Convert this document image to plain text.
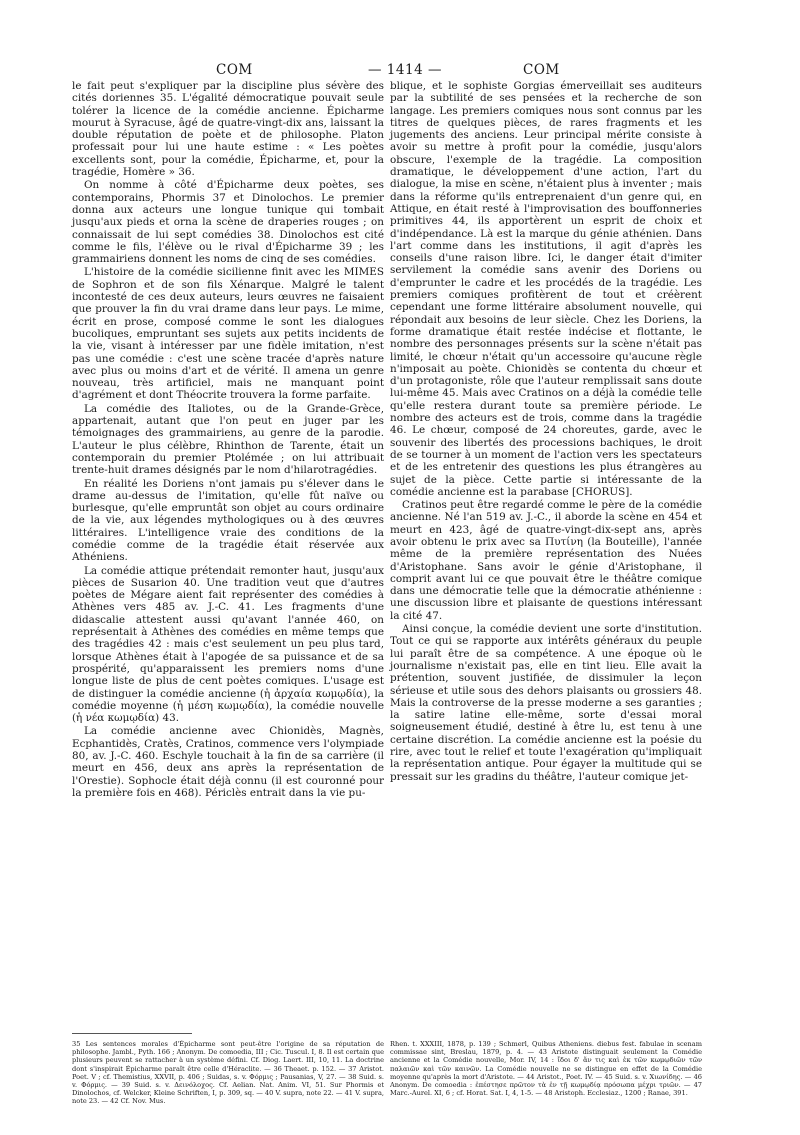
COM	— 1414 —	COM

le fait peut s'expliquer par la discipline plus sévère des cités doriennes 35. L'égalité démocratique pouvait seule tolérer la licence de la comédie ancienne. Épicharme mourut à Syracuse, âgé de quatre-vingt-dix ans, laissant la double réputation de poète et de philosophe. Platon professait pour lui une haute estime : « Les poètes excellents sont, pour la comédie, Épicharme, et, pour la tragédie, Homère » 36.

On nomme à côté d'Épicharme deux poètes, ses contemporains, Phormis 37 et Dinolochos. Le premier donna aux acteurs une longue tunique qui tombait jusqu'aux pieds et orna la scène de draperies rouges ; on connaissait de lui sept comédies 38. Dinolochos est cité comme le fils, l'élève ou le rival d'Épicharme 39 ; les grammairiens donnent les noms de cinq de ses comédies.

L'histoire de la comédie sicilienne finit avec les MIMES de Sophron et de son fils Xénarque. Malgré le talent incontesté de ces deux auteurs, leurs œuvres ne faisaient que prouver la fin du vrai drame dans leur pays. Le mime, écrit en prose, composé comme le sont les dialogues bucoliques, empruntant ses sujets aux petits incidents de la vie, visant à intéresser par une fidèle imitation, n'est pas une comédie : c'est une scène tracée d'après nature avec plus ou moins d'art et de vérité. Il amena un genre nouveau, très artificiel, mais ne manquant point d'agrément et dont Théocrite trouvera la forme parfaite.

La comédie des Italiotes, ou de la Grande-Grèce, appartenait, autant que l'on peut en juger par les témoignages des grammairiens, au genre de la parodie. L'auteur le plus célèbre, Rhinthon de Tarente, était un contemporain du premier Ptolémée ; on lui attribuait trente-huit drames désignés par le nom d'hilarotragédies.

En réalité les Doriens n'ont jamais pu s'élever dans le drame au-dessus de l'imitation, qu'elle fût naïve ou burlesque, qu'elle empruntât son objet au cours ordinaire de la vie, aux légendes mythologiques ou à des œuvres littéraires. L'intelligence vraie des conditions de la comédie comme de la tragédie était réservée aux Athéniens.

La comédie attique prétendait remonter haut, jusqu'aux pièces de Susarion 40. Une tradition veut que d'autres poètes de Mégare aient fait représenter des comédies à Athènes vers 485 av. J.-C. 41. Les fragments d'une didascalie attestent aussi qu'avant l'année 460, on représentait à Athènes des comédies en même temps que des tragédies 42 : mais c'est seulement un peu plus tard, lorsque Athènes était à l'apogée de sa puissance et de sa prospérité, qu'apparaissent les premiers noms d'une longue liste de plus de cent poètes comiques. L'usage est de distinguer la comédie ancienne (ἡ ἀρχαία κωμῳδία), la comédie moyenne (ἡ μέση κωμῳδία), la comédie nouvelle (ἡ νέα κωμῳδία) 43.

La comédie ancienne avec Chionidès, Magnès, Ecphantidès, Cratès, Cratinos, commence vers l'olympiade 80, av. J.-C. 460. Eschyle touchait à la fin de sa carrière (il meurt en 456, deux ans après la représentation de l'Orestie). Sophocle était déjà connu (il est couronné pour la première fois en 468). Périclès entrait dans la vie pu-

blique, et le sophiste Gorgias émerveillait ses auditeurs par la subtilité de ses pensées et la recherche de son langage. Les premiers comiques nous sont connus par les titres de quelques pièces, de rares fragments et les jugements des anciens. Leur principal mérite consiste à avoir su mettre à profit pour la comédie, jusqu'alors obscure, l'exemple de la tragédie. La composition dramatique, le développement d'une action, l'art du dialogue, la mise en scène, n'étaient plus à inventer ; mais dans la réforme qu'ils entreprenaient d'un genre qui, en Attique, en était resté à l'improvisation des bouffonneries primitives 44, ils apportèrent un esprit de choix et d'indépendance. Là est la marque du génie athénien. Dans l'art comme dans les institutions, il agit d'après les conseils d'une raison libre. Ici, le danger était d'imiter servilement la comédie sans avenir des Doriens ou d'emprunter le cadre et les procédés de la tragédie. Les premiers comiques profitèrent de tout et créèrent cependant une forme littéraire absolument nouvelle, qui répondait aux besoins de leur siècle. Chez les Doriens, la forme dramatique était restée indécise et flottante, le nombre des personnages présents sur la scène n'était pas limité, le chœur n'était qu'un accessoire qu'aucune règle n'imposait au poète. Chionidès se contenta du chœur et d'un protagoniste, rôle que l'auteur remplissait sans doute lui-même 45. Mais avec Cratinos on a déjà la comédie telle qu'elle restera durant toute sa première période. Le nombre des acteurs est de trois, comme dans la tragédie 46. Le chœur, composé de 24 choreutes, garde, avec le souvenir des libertés des processions bachiques, le droit de se tourner à un moment de l'action vers les spectateurs et de les entretenir des questions les plus étrangères au sujet de la pièce. Cette partie si intéressante de la comédie ancienne est la parabase [CHORUS].

Cratinos peut être regardé comme le père de la comédie ancienne. Né l'an 519 av. J.-C., il aborde la scène en 454 et meurt en 423, âgé de quatre-vingt-dix-sept ans, après avoir obtenu le prix avec sa Πυτίνη (la Bouteille), l'année même de la première représentation des Nuées d'Aristophane. Sans avoir le génie d'Aristophane, il comprit avant lui ce que pouvait être le théâtre comique dans une démocratie telle que la démocratie athénienne : une discussion libre et plaisante de questions intéressant la cité 47.

Ainsi conçue, la comédie devient une sorte d'institution. Tout ce qui se rapporte aux intérêts généraux du peuple lui paraît être de sa compétence. A une époque où le journalisme n'existait pas, elle en tint lieu. Elle avait la prétention, souvent justifiée, de dissimuler la leçon sérieuse et utile sous des dehors plaisants ou grossiers 48. Mais la controverse de la presse moderne a ses garanties ; la satire latine elle-même, sorte d'essai moral soigneusement étudié, destiné à être lu, est tenu à une certaine discrétion. La comédie ancienne est la poésie du rire, avec tout le relief et toute l'exagération qu'impliquait la représentation antique. Pour égayer la multitude qui se pressait sur les gradins du théâtre, l'auteur comique jet-

35 Les sentences morales d'Épicharme sont peut-être l'origine de sa réputation de philosophe. Jambl., Pyth. 166 ; Anonym. De comoedia, III ; Cic. Tuscul. I, 8. Il est certain que plusieurs peuvent se rattacher à un système défini. Cf. Diog. Laert. III, 10, 11. La doctrine dont s'inspirait Épicharme paraît être celle d'Héraclite. — 36 Theaet. p. 152. — 37 Aristot. Poet. V ; cf. Themistius, XXVII, p. 406 ; Suidas, s. v. Φόρμις ; Pausanias, V, 27. — 38 Suid. s. v. Φόρμις. — 39 Suid. s. v. Δεινόλοχος. Cf. Aelian. Nat. Anim. VI, 51. Sur Phormis et Dinolochos, cf. Welcker, Kleine Schriften, I, p. 309, sq. — 40 V. supra, note 22. — 41 V. supra, note 23. — 42 Cf. Nov. Mus.
Rhen. t. XXXIII, 1878, p. 139 ; Schmerl, Quibus Atheniens. diebus fest. fabulae in scenam commissae sint, Breslau, 1879, p. 4. — 43 Aristote distinguait seulement la Comédie ancienne et la Comédie nouvelle, Mor. IV, 14 : ἴδοι δ' ἄν τις καὶ ἐκ τῶν κωμῳδιῶν τῶν παλαιῶν καὶ τῶν καινῶν. La Comédie nouvelle ne se distingue en effet de la Comédie moyenne qu'après la mort d'Aristote. — 44 Aristot., Poet. IV. — 45 Suid. s. v. Χιωνίδης. — 46 Anonym. De comoedia : ἐπέστησε πρῶτον τὰ ἐν τῇ κωμῳδίᾳ πρόσωπα μέχρι τριῶν. — 47 Marc.-Aurel. XI, 6 ; cf. Horat. Sat. I, 4, 1-5. — 48 Aristoph. Ecclesiaz., 1200 ; Ranae, 391.
